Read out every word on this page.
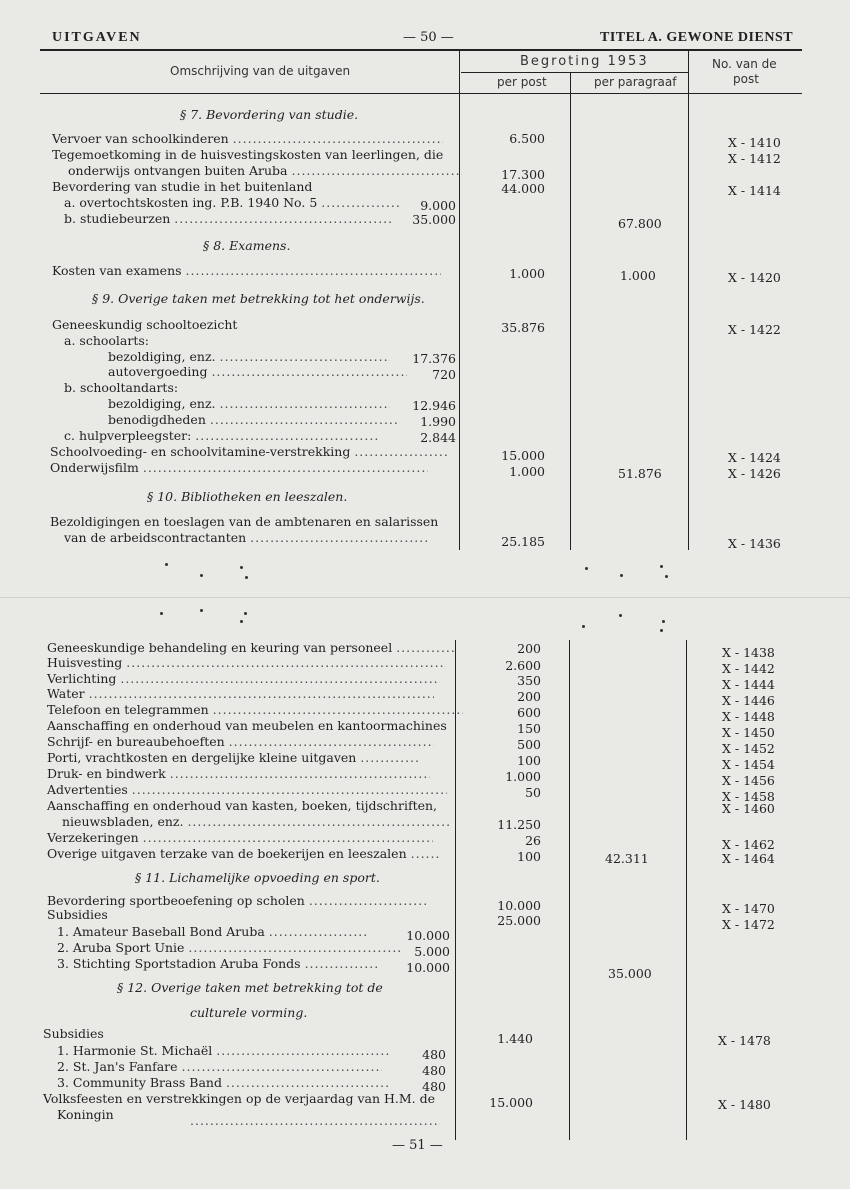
UITGAVEN	— 50 —	TITEL A. GEWONE DIENST
Omschrijving van de uitgaven
Begroting 1953
per post	per paragraaf
No. van de
post
§ 7. Bevordering van studie.
Vervoer van schoolkinderen .....	6.500	X - 1410
Tegemoetkoming in de huisvestingskosten van leerlingen, die	X - 1412
onderwijs ontvangen buiten Aruba .....	17.300
Bevordering van studie in het buitenland	44.000	X - 1414
a. overtochtskosten ing. P.B. 1940 No. 5 .....	9.000
b. studiebeurzen .....	35.000	67.800
§ 8. Examens.
Kosten van examens .....	1.000	1.000	X - 1420
§ 9. Overige taken met betrekking tot het onderwijs.
Geneeskundig schooltoezicht	35.876	X - 1422
a. schoolarts:
bezoldiging, enz. .....	17.376
autovergoeding .....	720
b. schooltandarts:
bezoldiging, enz. .....	12.946
benodigdheden .....	1.990
c. hulpverpleegster: .....	2.844
Schoolvoeding- en schoolvitamine-verstrekking .....	15.000	X - 1424
Onderwijsfilm .....	1.000	51.876	X - 1426
§ 10. Bibliotheken en leeszalen.
Bezoldigingen en toeslagen van de ambtenaren en salarissen
van de arbeidscontractanten .....	25.185	X - 1436
Geneeskundige behandeling en keuring van personeel .....	200	X - 1438
Huisvesting .....	2.600	X - 1442
Verlichting .....	350	X - 1444
Water .....	200	X - 1446
Telefoon en telegrammen .....	600	X - 1448
Aanschaffing en onderhoud van meubelen en kantoormachines	150	X - 1450
Schrijf- en bureaubehoeften .....	500	X - 1452
Porti, vrachtkosten en dergelijke kleine uitgaven .....	100	X - 1454
Druk- en bindwerk .....	1.000	X - 1456
Advertenties .....	50	X - 1458
Aanschaffing en onderhoud van kasten, boeken, tijdschriften,	X - 1460
nieuwsbladen, enz. .....	11.250
Verzekeringen .....	26	X - 1462
Overige uitgaven terzake van de boekerijen en leeszalen .....	100	42.311	X - 1464
§ 11. Lichamelijke opvoeding en sport.
Bevordering sportbeoefening op scholen .....	10.000	X - 1470
Subsidies	25.000	X - 1472
1. Amateur Baseball Bond Aruba .....	10.000
2. Aruba Sport Unie .....	5.000
3. Stichting Sportstadion Aruba Fonds .....	10.000	35.000
§ 12. Overige taken met betrekking tot de
culturele vorming.
Subsidies	1.440	X - 1478
1. Harmonie St. Michaël .....	480
2. St. Jan's Fanfare .....	480
3. Community Brass Band .....	480
Volksfeesten en verstrekkingen op de verjaardag van H.M. de	15.000	X - 1480
Koningin
.....
— 51 —
